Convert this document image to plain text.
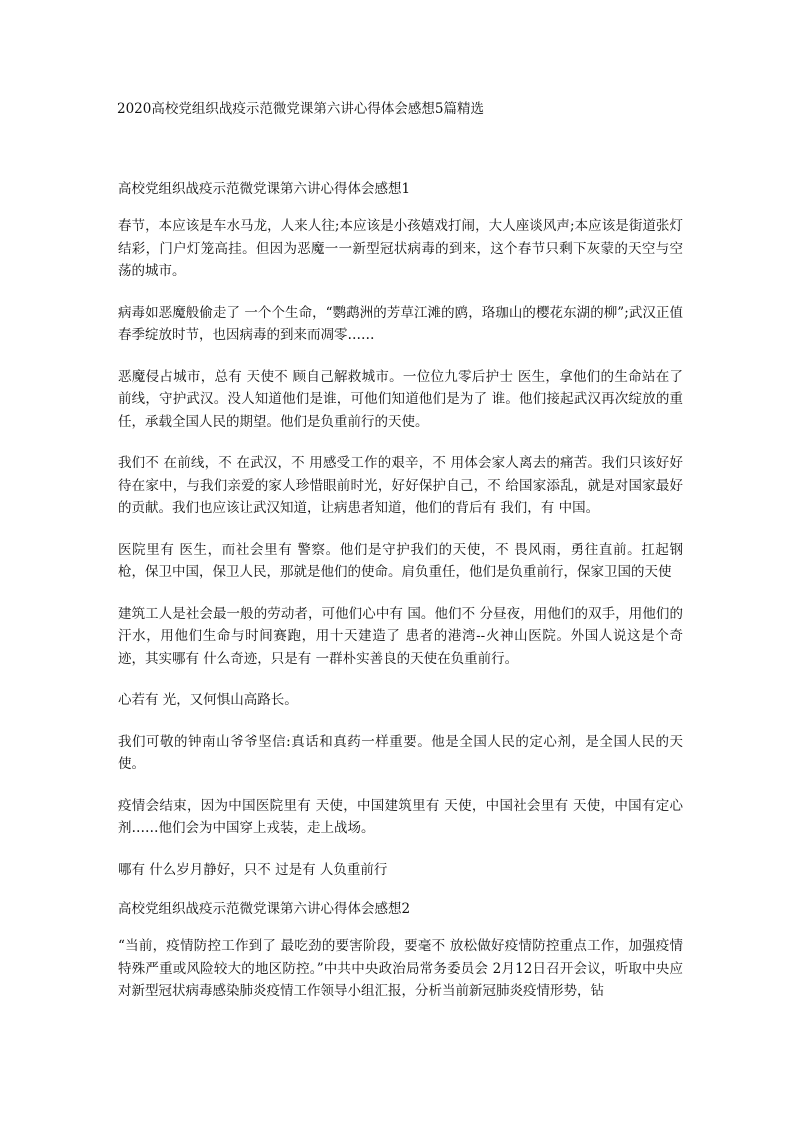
2020高校党组织战疫示范微党课第六讲心得体会感想5篇精选
高校党组织战疫示范微党课第六讲心得体会感想1

春节，本应该是车水马龙，人来人往;本应该是小孩嬉戏打闹，大人座谈风声;本应该是街道张灯结彩，门户灯笼高挂。但因为恶魔一一新型冠状病毒的到来，这个春节只剩下灰蒙的天空与空荡的城市。

病毒如恶魔般偷走了 一个个生命，“鹦鹉洲的芳草江滩的鸥，珞珈山的樱花东湖的柳”;武汉正值春季绽放时节，也因病毒的到来而凋零……

恶魔侵占城市，总有 天使不 顾自己解救城市。一位位九零后护士 医生，拿他们的生命站在了 前线，守护武汉。没人知道他们是谁，可他们知道他们是为了 谁。他们接起武汉再次绽放的重任，承载全国人民的期望。他们是负重前行的天使。

我们不 在前线，不 在武汉，不 用感受工作的艰辛，不 用体会家人离去的痛苦。我们只该好好待在家中，与我们亲爱的家人珍惜眼前时光，好好保护自己，不 给国家添乱，就是对国家最好的贡献。我们也应该让武汉知道，让病患者知道，他们的背后有 我们，有 中国。

医院里有 医生，而社会里有 警察。他们是守护我们的天使，不 畏风雨，勇往直前。扛起钢枪，保卫中国，保卫人民，那就是他们的使命。肩负重任，他们是负重前行，保家卫国的天使

建筑工人是社会最一般的劳动者，可他们心中有 国。他们不 分昼夜，用他们的双手，用他们的汗水，用他们生命与时间赛跑，用十天建造了 患者的港湾--火神山医院。外国人说这是个奇迹，其实哪有 什么奇迹，只是有 一群朴实善良的天使在负重前行。

心若有 光，又何惧山高路长。

我们可敬的钟南山爷爷坚信:真话和真药一样重要。他是全国人民的定心剂，是全国人民的天使。

疫情会结束，因为中国医院里有 天使，中国建筑里有 天使，中国社会里有 天使，中国有定心剂……他们会为中国穿上戎装，走上战场。

哪有 什么岁月静好，只不 过是有 人负重前行

高校党组织战疫示范微党课第六讲心得体会感想2

“当前，疫情防控工作到了 最吃劲的要害阶段，要毫不 放松做好疫情防控重点工作，加强疫情特殊严重或风险较大的地区防控。”中共中央政治局常务委员会 2月12日召开会议，听取中央应对新型冠状病毒感染肺炎疫情工作领导小组汇报，分析当前新冠肺炎疫情形势，钻
